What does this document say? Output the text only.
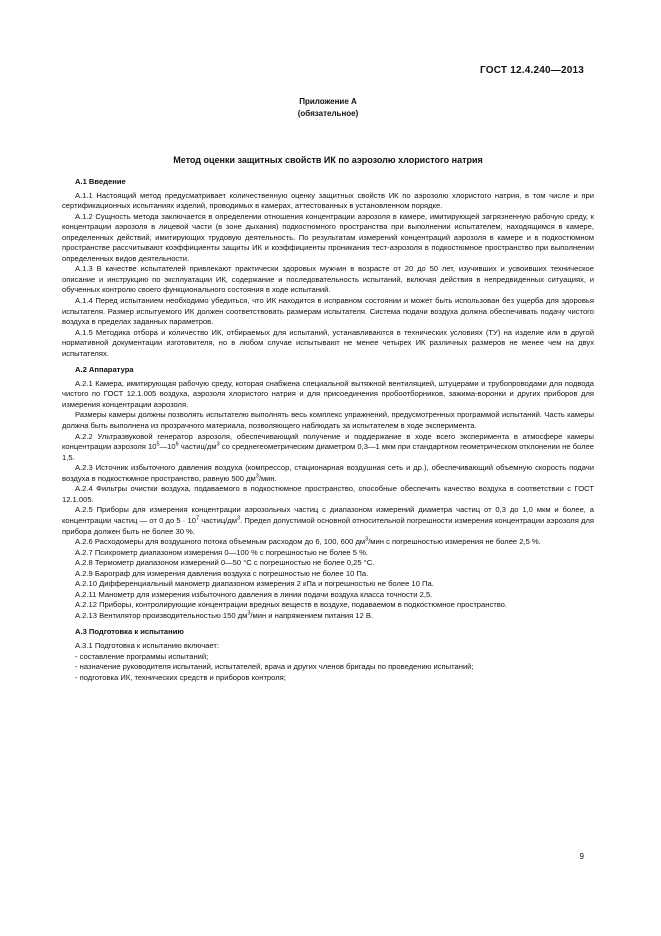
ГОСТ 12.4.240—2013
Приложение А
(обязательное)
Метод оценки защитных свойств ИК по аэрозолю хлористого натрия
А.1 Введение

А.1.1 Настоящий метод предусматривает количественную оценку защитных свойств ИК по аэрозолю хлористого натрия, в том числе и при сертификационных испытаниях изделий, проводимых в камерах, аттестованных в установленном порядке.

А.1.2 Сущность метода заключается в определении отношения концентрации аэрозоля в камере, имитирующей загрязненную рабочую среду, к концентрации аэрозоля в лицевой части (в зоне дыхания) подкостюмного пространства при выполнении испытателем, находящимся в камере, определенных действий, имитирующих трудовую деятельность. По результатам измерений концентраций аэрозоля в камере и в подкостюмном пространстве рассчитывают коэффициенты защиты ИК и коэффициенты проникания тест-аэрозоля в подкостюмное пространство при выполнении определенных видов деятельности.

А.1.3 В качестве испытателей привлекают практически здоровых мужчин в возрасте от 20 до 50 лет, изучивших и усвоивших техническое описание и инструкцию по эксплуатации ИК, содержание и последовательность испытаний, включая действия в непредвиденных ситуациях, и обученных контролю своего функционального состояния в ходе испытаний.

А.1.4 Перед испытанием необходимо убедиться, что ИК находится в исправном состоянии и может быть использован без ущерба для здоровья испытателя. Размер испытуемого ИК должен соответствовать размерам испытателя. Система подачи воздуха должна обеспечивать подачу чистого воздуха в пределах заданных параметров.

А.1.5 Методика отбора и количество ИК, отбираемых для испытаний, устанавливаются в технических условиях (ТУ) на изделие или в другой нормативной документации изготовителя, но в любом случае испытывают не менее четырех ИК различных размеров не менее чем на двух испытателях.

А.2 Аппаратура

А.2.1 Камера, имитирующая рабочую среду, которая снабжена специальной вытяжной вентиляцией, штуцерами и трубопроводами для подвода чистого по ГОСТ 12.1.005 воздуха, аэрозоля хлористого натрия и для присоединения пробоотборников, зажима-воронки и других приборов для измерения концентрации аэрозоля.

Размеры камеры должны позволять испытателю выполнять весь комплекс упражнений, предусмотренных программой испытаний. Часть камеры должна быть выполнена из прозрачного материала, позволяющего наблюдать за испытателем в ходе эксперимента.

А.2.2 Ультразвуковой генератор аэрозоля, обеспечивающий получение и поддержание в ходе всего эксперимента в атмосфере камеры концентрации аэрозоля $10^5—10^6$ частиц/$дм^3$ со среднегеометрическим диаметром 0,3—1 мкм при стандартном геометрическом отклонении не более 1,5.

А.2.3 Источник избыточного давления воздуха (компрессор, стационарная воздушная сеть и др.), обеспечивающий объемную скорость подачи воздуха в подкостюмное пространство, равную 500 $дм^3$/мин.

А.2.4 Фильтры очистки воздуха, подаваемого в подкостюмное пространство, способные обеспечить качество воздуха в соответствии с ГОСТ 12.1.005.

А.2.5 Приборы для измерения концентрации аэрозольных частиц с диапазоном измерений диаметра частиц от 0,3 до 1,0 мкм и более, а концентрации частиц — от 0 до $5 \cdot 10^7$ частиц/$дм^3$. Предел допустимой основной относительной погрешности измерения концентрации аэрозоля для прибора должен быть не более 30 %.

А.2.6 Расходомеры для воздушного потока объемным расходом до 6, 100, 600 $дм^3$/мин с погрешностью измерения не более 2,5 %.

А.2.7 Психрометр диапазоном измерения 0—100 % с погрешностью не более 5 %.

А.2.8 Термометр диапазоном измерений 0—50 °С с погрешностью не более 0,25 °С.

А.2.9 Барограф для измерения давления воздуха с погрешностью не более 10 Па.

А.2.10 Дифференциальный манометр диапазоном измерения 2 кПа и погрешностью не более 10 Па.

А.2.11 Манометр для измерения избыточного давления в линии подачи воздуха класса точности 2,5.

А.2.12 Приборы, контролирующие концентрации вредных веществ в воздухе, подаваемом в подкостюмное пространство.

А.2.13 Вентилятор производительностью 150 $дм^3$/мин и напряжением питания 12 В.

А.3 Подготовка к испытанию

А.3.1 Подготовка к испытанию включает:

- составление программы испытаний;

- назначение руководителя испытаний, испытателей, врача и других членов бригады по проведению испытаний;

- подготовка ИК, технических средств и приборов контроля;

9
